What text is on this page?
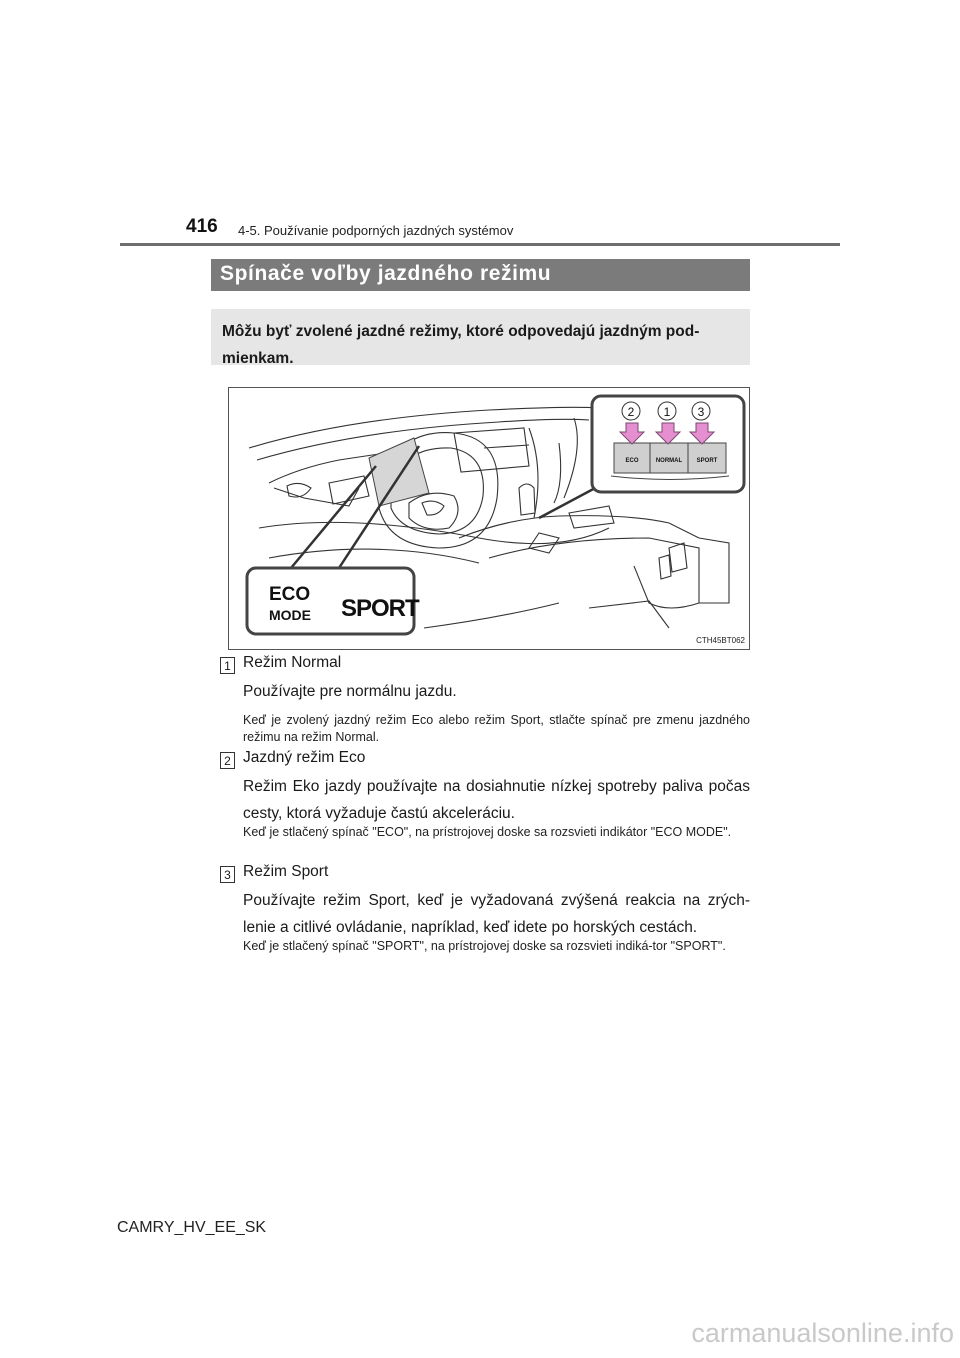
416 4-5. Používanie podporných jazdných systémov
Spínače voľby jazdného režimu
Môžu byť zvolené jazdné režimy, ktoré odpovedajú jazdným pod-mienkam.
ECO
MODE SPORT
ECO	NORMAL SPORT
2 1 3
CTH45BT062
1 Režim Normal
Používajte pre normálnu jazdu.
Keď je zvolený jazdný režim Eco alebo režim Sport, stlačte spínač pre zmenu jazdného režimu na režim Normal.
2 Jazdný režim Eco
Režim Eko jazdy používajte na dosiahnutie nízkej spotreby paliva počas cesty, ktorá vyžaduje častú akceleráciu.
Keď je stlačený spínač "ECO", na prístrojovej doske sa rozsvieti indikátor "ECO MODE".
3 Režim Sport
Používajte režim Sport, keď je vyžadovaná zvýšená reakcia na zrých-lenie a citlivé ovládanie, napríklad, keď idete po horských cestách.
Keď je stlačený spínač "SPORT", na prístrojovej doske sa rozsvieti indiká-tor "SPORT".
CAMRY_HV_EE_SK
carmanualsonline.info
